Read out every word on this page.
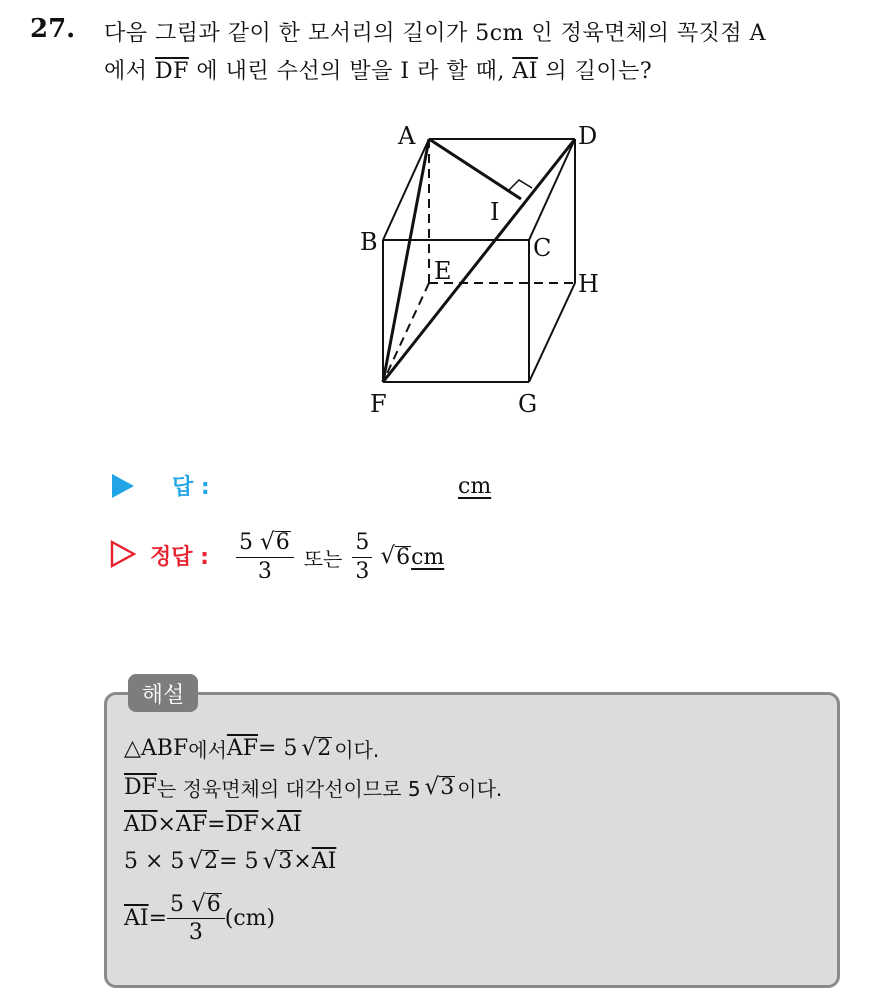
27. 다음 그림과 같이 한 모서리의 길이가 5cm 인 정육면체의 꼭짓점 A
에서 $\overline{DF}$ 에 내린 수선의 발을 I 라 할 때, $\overline{AI}$ 의 길이는?
A	D
B	C
E	H
F	G
I
답 :	cm
정답 : $\frac{5 √ 6}{3}$ 또는 $\frac{5}{3}$ √ 6 cm
해설
△ABF 에서 $\overline{AF} = 5$ √ 2 이다.
$\overline{DF}$ 는 정육면체의 대각선이므로 5 √ 3 이다.
$\overline{AD} \times \overline{AF} = \overline{DF} \times \overline{AI}$
5 × 5 √ 2 = 5 √ $3 \times \overline{AI}$
$\overline{AI} = \frac{5 √ 6}{3} (cm)$
